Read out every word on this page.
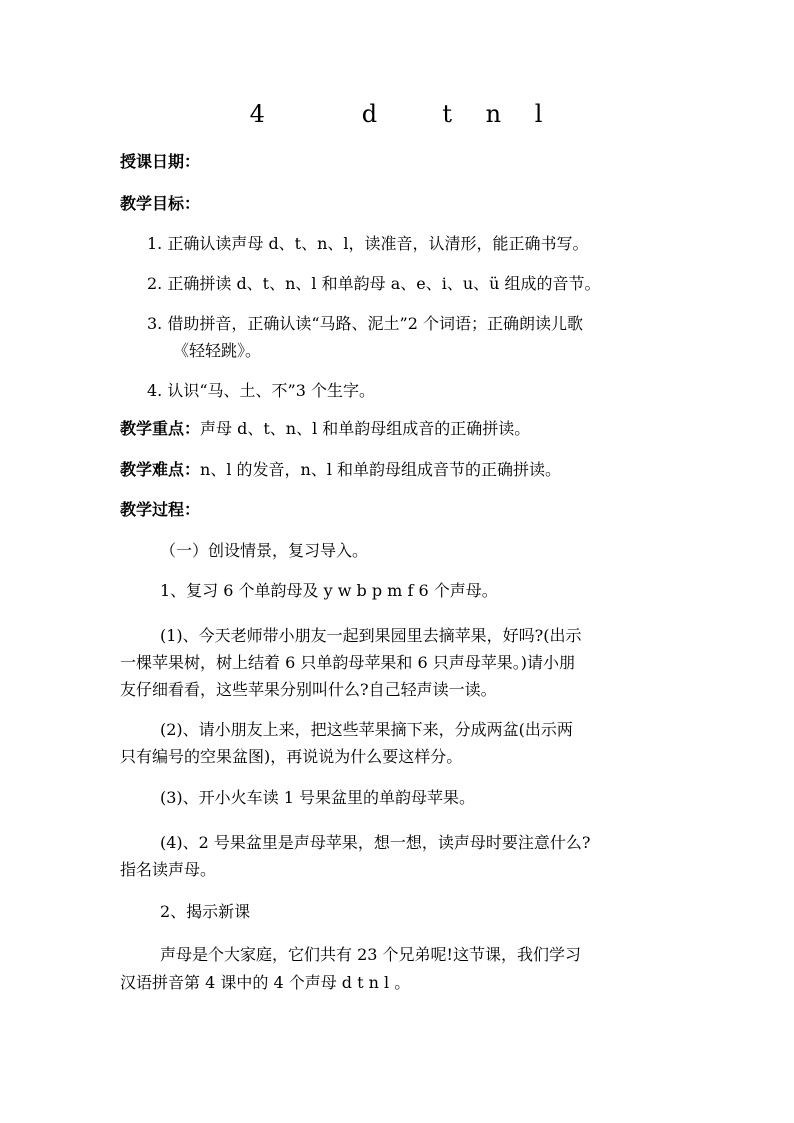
4   d  t n l
授课日期：
教学目标：
1. 正确认读声母 d、t、n、l，读准音，认清形，能正确书写。
2. 正确拼读 d、t、n、l 和单韵母 a、e、i、u、ü 组成的音节。
3. 借助拼音，正确认读“马路、泥土”2 个词语；正确朗读儿歌
《轻轻跳》。
4. 认识“马、土、不”3 个生字。
教学重点：声母 d、t、n、l 和单韵母组成音的正确拼读。
教学难点：n、l 的发音，n、l 和单韵母组成音节的正确拼读。
教学过程：
（一）创设情景，复习导入。
1、复习 6 个单韵母及 y w b p m f 6 个声母。
(1)、今天老师带小朋友一起到果园里去摘苹果，好吗?(出示
一棵苹果树，树上结着 6 只单韵母苹果和 6 只声母苹果。)请小朋
友仔细看看，这些苹果分别叫什么?自己轻声读一读。
(2)、请小朋友上来，把这些苹果摘下来，分成两盆(出示两
只有编号的空果盆图)，再说说为什么要这样分。
(3)、开小火车读 1 号果盆里的单韵母苹果。
(4)、2 号果盆里是声母苹果，想一想，读声母时要注意什么?
指名读声母。
2、揭示新课
声母是个大家庭，它们共有 23 个兄弟呢!这节课，我们学习
汉语拼音第 4 课中的 4 个声母 d t n l 。
